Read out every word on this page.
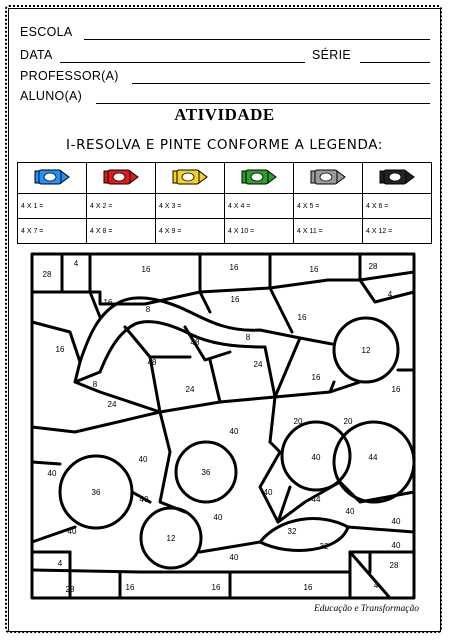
ESCOLA
DATA	SÉRIE
PROFESSOR(A)
ALUNO(A)
ATIVIDADE
I-RESOLVA E PINTE CONFORME A LEGENDA:

4 X 1 =	4 X 2 =	4 X 3 =	4 X 4 =	4 X 5 =	4 X 6 =
4 X 7 =	4 X 8 =	4 X 9 =	4 X 10 =	4 X 11 =	4 X 12 =
28
4
16	16	16	28
4
16
8
16
16
16
48
48
8
12
8
24
24
24
16
16
20	20
40
40
36
40	44
40
36
40
40
44
40
40
40
12
32
32
40
40
40
4	28
28	16	16	16	4
Educação e Transformação
